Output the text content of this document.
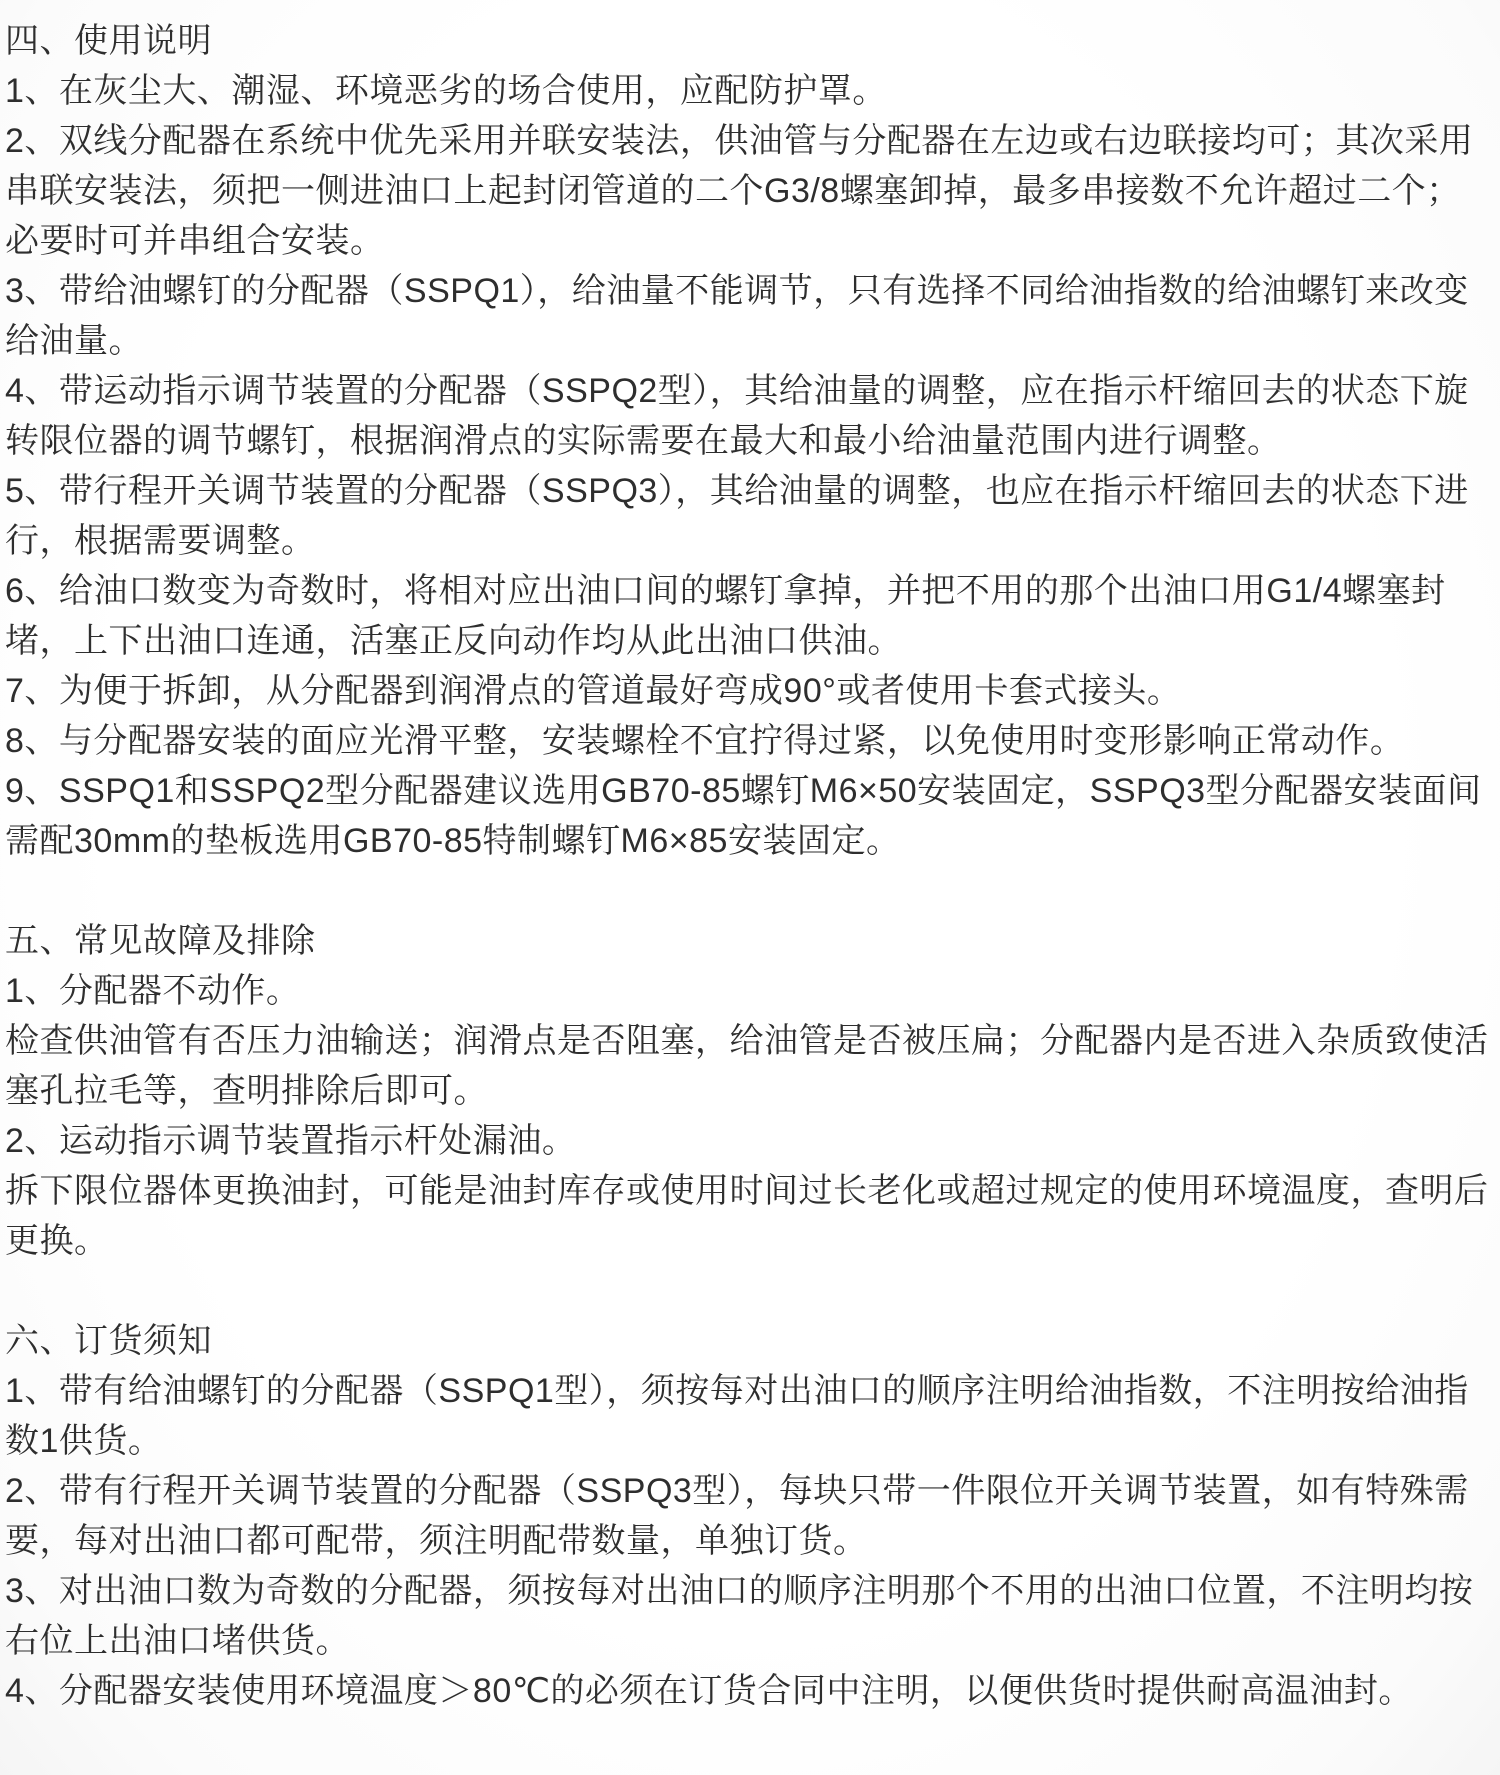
四、使用说明

1、在灰尘大、潮湿、环境恶劣的场合使用，应配防护罩。

2、双线分配器在系统中优先采用并联安装法，供油管与分配器在左边或右边联接均可；其次采用串联安装法，须把一侧进油口上起封闭管道的二个G3/8螺塞卸掉，最多串接数不允许超过二个；必要时可并串组合安装。

3、带给油螺钉的分配器（SSPQ1），给油量不能调节，只有选择不同给油指数的给油螺钉来改变给油量。

4、带运动指示调节装置的分配器（SSPQ2型），其给油量的调整，应在指示杆缩回去的状态下旋转限位器的调节螺钉，根据润滑点的实际需要在最大和最小给油量范围内进行调整。

5、带行程开关调节装置的分配器（SSPQ3），其给油量的调整，也应在指示杆缩回去的状态下进行，根据需要调整。

6、给油口数变为奇数时，将相对应出油口间的螺钉拿掉，并把不用的那个出油口用G1/4螺塞封堵，上下出油口连通，活塞正反向动作均从此出油口供油。

7、为便于拆卸，从分配器到润滑点的管道最好弯成90°或者使用卡套式接头。

8、与分配器安装的面应光滑平整，安装螺栓不宜拧得过紧，以免使用时变形影响正常动作。

9、SSPQ1和SSPQ2型分配器建议选用GB70-85螺钉M6×50安装固定，SSPQ3型分配器安装面间需配30mm的垫板选用GB70-85特制螺钉M6×85安装固定。

五、常见故障及排除

1、分配器不动作。

检查供油管有否压力油输送；润滑点是否阻塞，给油管是否被压扁；分配器内是否进入杂质致使活塞孔拉毛等，查明排除后即可。

2、运动指示调节装置指示杆处漏油。

拆下限位器体更换油封，可能是油封库存或使用时间过长老化或超过规定的使用环境温度，查明后更换。

六、订货须知

1、带有给油螺钉的分配器（SSPQ1型），须按每对出油口的顺序注明给油指数，不注明按给油指数1供货。

2、带有行程开关调节装置的分配器（SSPQ3型），每块只带一件限位开关调节装置，如有特殊需要，每对出油口都可配带，须注明配带数量，单独订货。

3、对出油口数为奇数的分配器，须按每对出油口的顺序注明那个不用的出油口位置，不注明均按右位上出油口堵供货。

4、分配器安装使用环境温度＞80℃的必须在订货合同中注明，以便供货时提供耐高温油封。
